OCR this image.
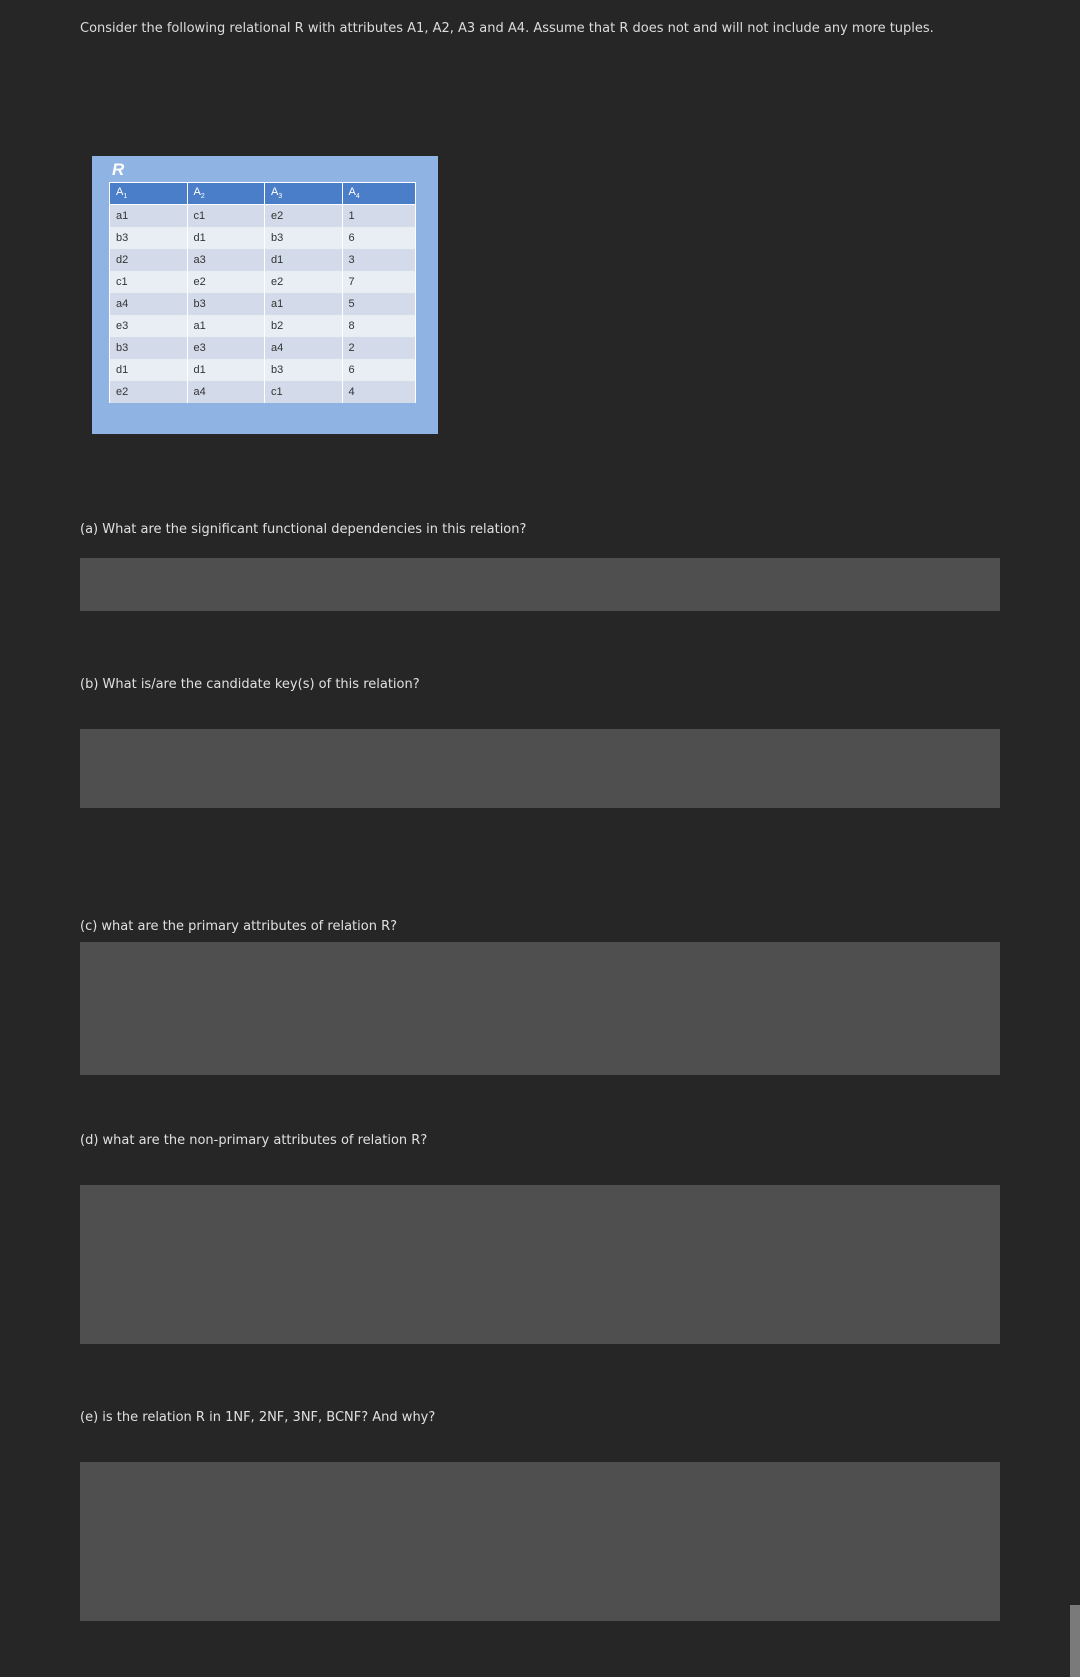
Consider the following relational R with attributes A1, A2, A3 and A4. Assume that R does not and will not include any more tuples.
R
$A_1$	$A_2$	$A_3$	$A_4$
a1	c1	e2	1
b3	d1	b3	6
d2	a3	d1	3
c1	e2	e2	7
a4	b3	a1	5
e3	a1	b2	8
b3	e3	a4	2
d1	d1	b3	6
e2	a4	c1	4
(a) What are the significant functional dependencies in this relation?
(b) What is/are the candidate key(s) of this relation?
(c) what are the primary attributes of relation R?
(d) what are the non-primary attributes of relation R?
(e) is the relation R in 1NF, 2NF, 3NF, BCNF? And why?
